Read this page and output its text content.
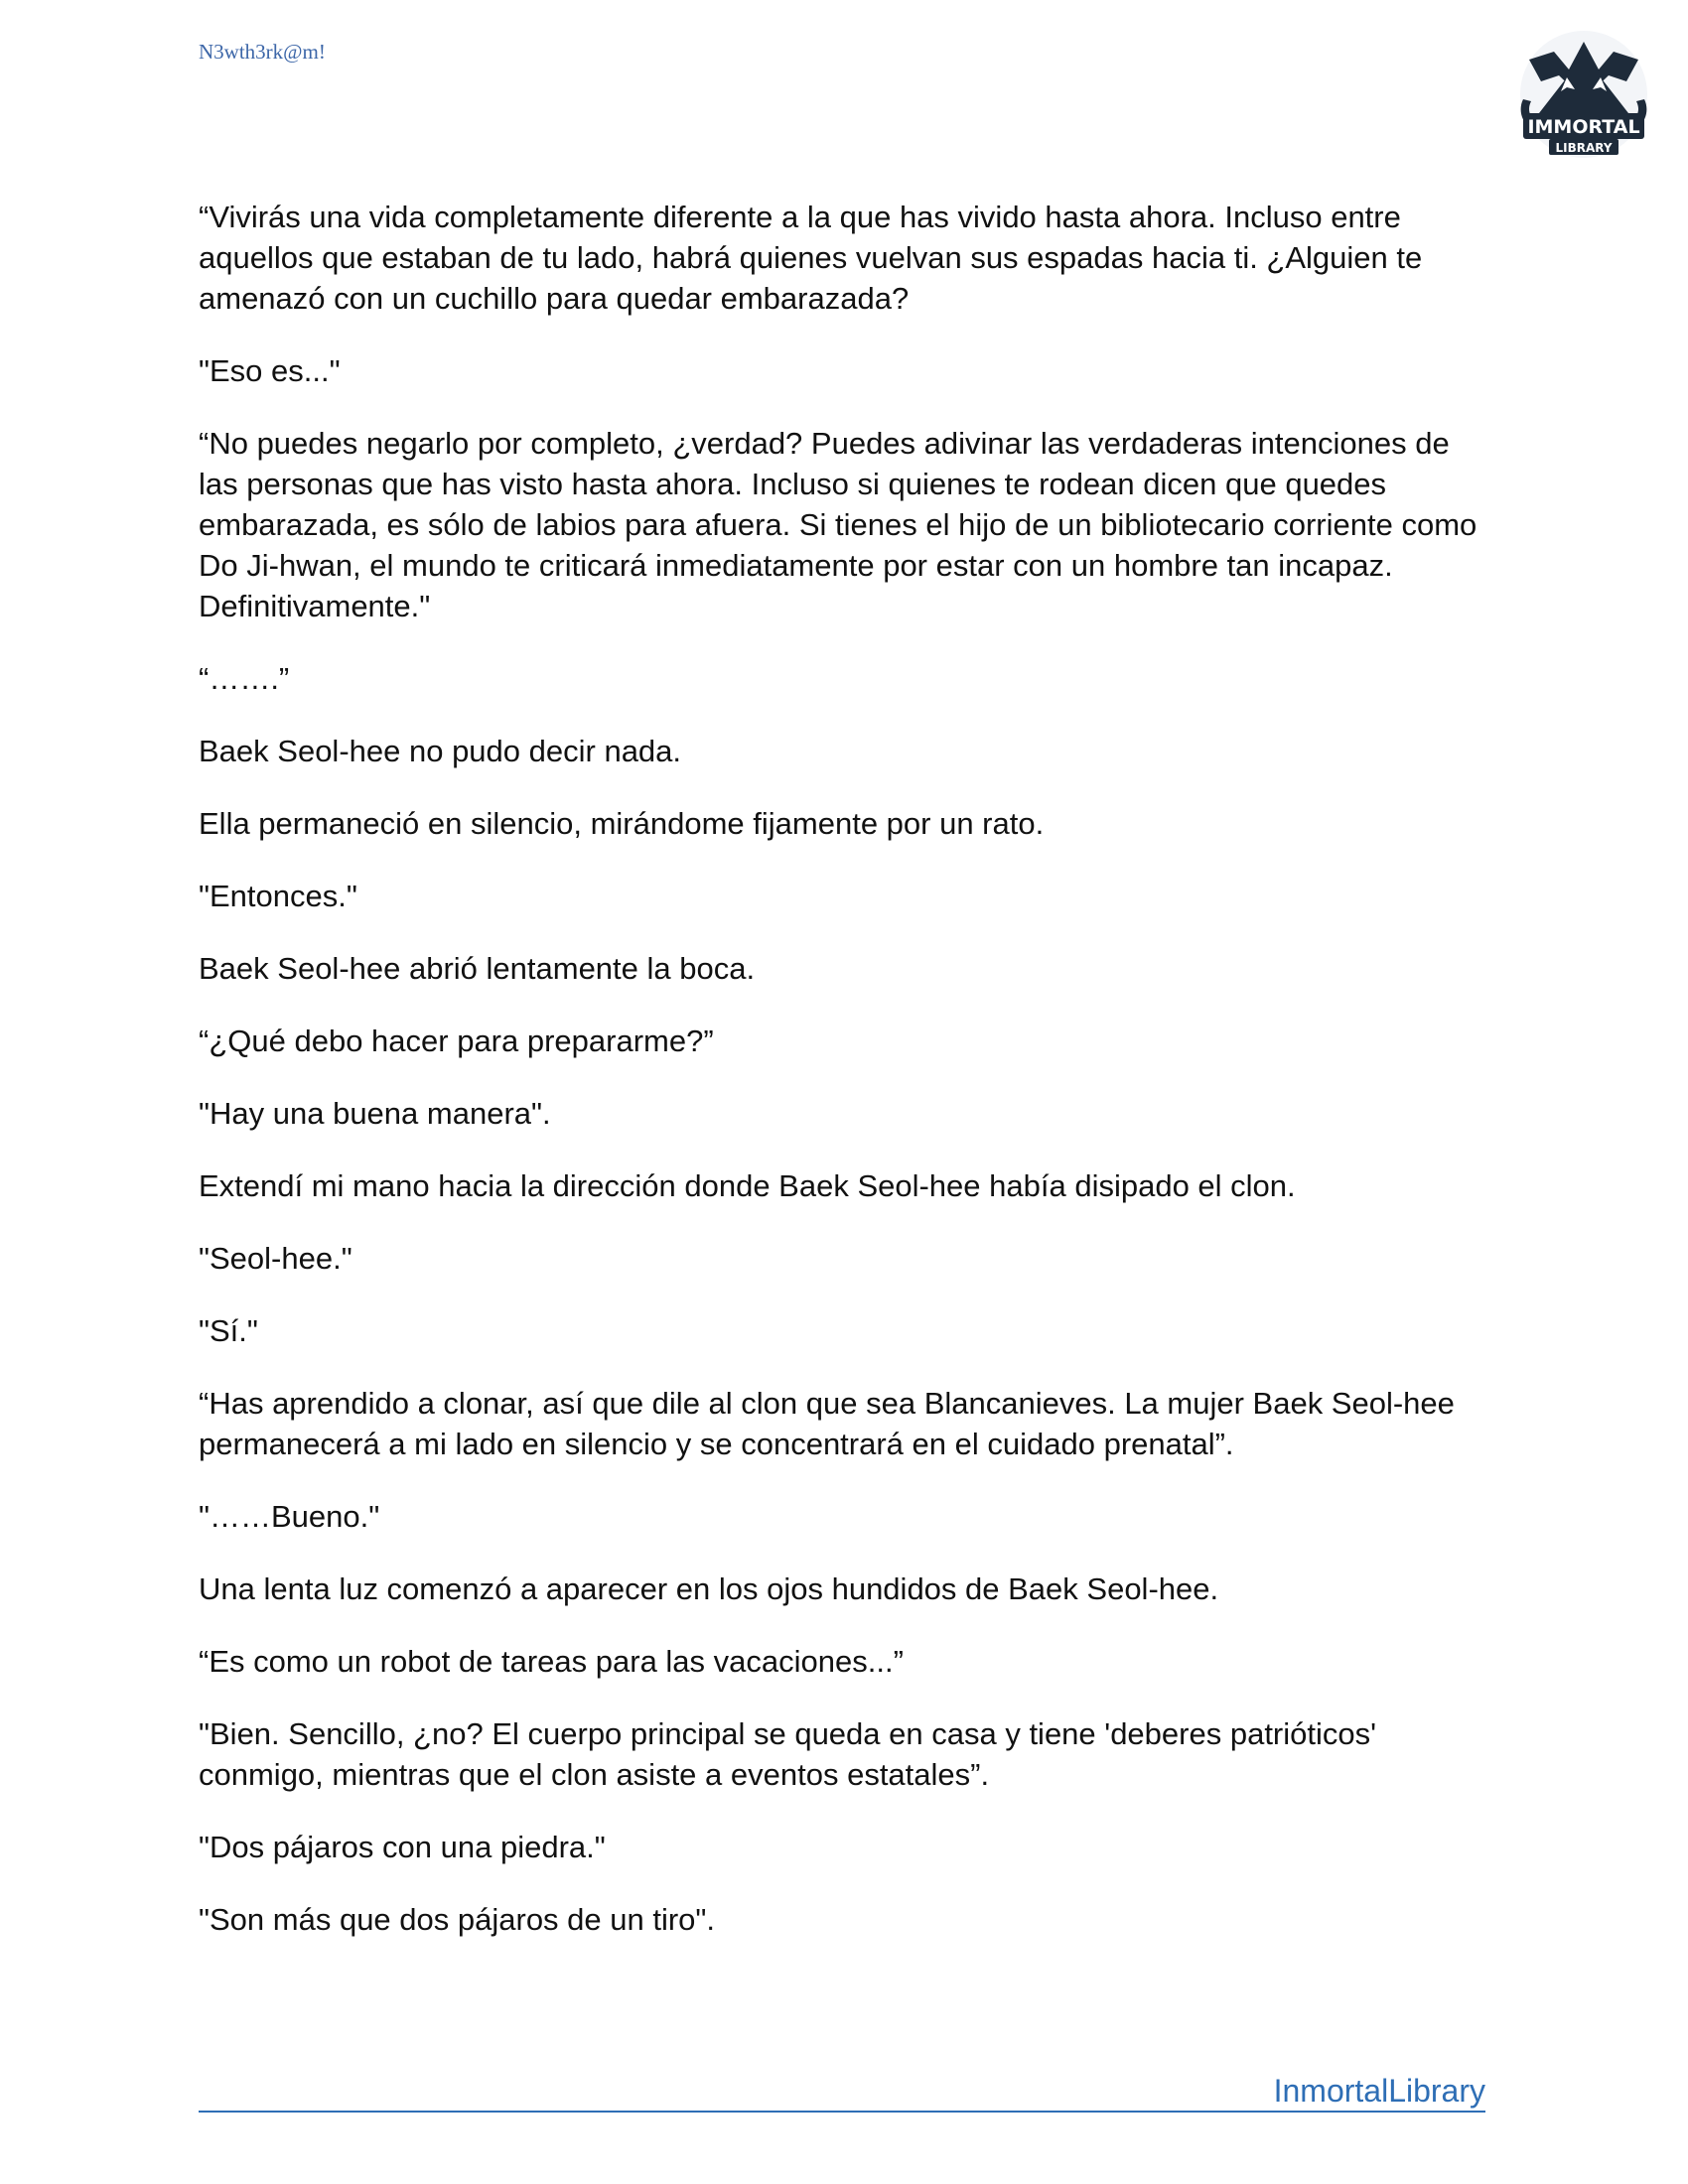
N3wth3rk@m!
IMMORTAL
LIBRARY

“Vivirás una vida completamente diferente a la que has vivido hasta ahora. Incluso entre aquellos que estaban de tu lado, habrá quienes vuelvan sus espadas hacia ti. ¿Alguien te amenazó con un cuchillo para quedar embarazada?

"Eso es..."

“No puedes negarlo por completo, ¿verdad? Puedes adivinar las verdaderas intenciones de las personas que has visto hasta ahora. Incluso si quienes te rodean dicen que quedes embarazada, es sólo de labios para afuera. Si tienes el hijo de un bibliotecario corriente como Do Ji-hwan, el mundo te criticará inmediatamente por estar con un hombre tan incapaz. Definitivamente."

“…….”

Baek Seol-hee no pudo decir nada.

Ella permaneció en silencio, mirándome fijamente por un rato.

"Entonces."

Baek Seol-hee abrió lentamente la boca.

“¿Qué debo hacer para prepararme?”

"Hay una buena manera".

Extendí mi mano hacia la dirección donde Baek Seol-hee había disipado el clon.

"Seol-hee."

"Sí."

“Has aprendido a clonar, así que dile al clon que sea Blancanieves. La mujer Baek Seol-hee permanecerá a mi lado en silencio y se concentrará en el cuidado prenatal”.

"……Bueno."

Una lenta luz comenzó a aparecer en los ojos hundidos de Baek Seol-hee.

“Es como un robot de tareas para las vacaciones...”

"Bien. Sencillo, ¿no? El cuerpo principal se queda en casa y tiene 'deberes patrióticos' conmigo, mientras que el clon asiste a eventos estatales”.

"Dos pájaros con una piedra."

"Son más que dos pájaros de un tiro".

InmortalLibrary
